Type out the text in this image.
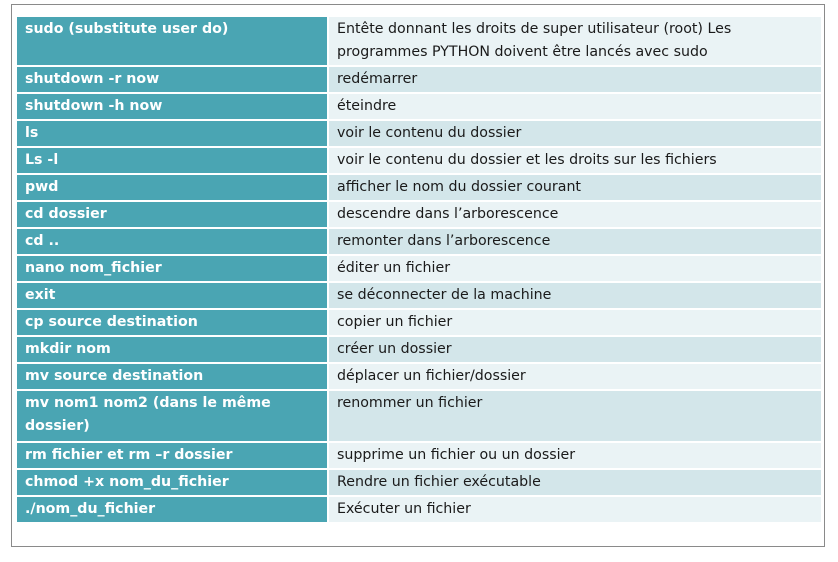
sudo (substitute user do)	Entête donnant les droits de super utilisateur (root) Les programmes PYTHON doivent être lancés avec sudo
shutdown -r now	redémarrer
shutdown -h now	éteindre
ls	voir le contenu du dossier
Ls -l	voir le contenu du dossier et les droits sur les fichiers
pwd	afficher le nom du dossier courant
cd dossier	descendre dans l’arborescence
cd ..	remonter dans l’arborescence
nano nom_fichier	éditer un fichier
exit	se déconnecter de la machine
cp source destination	copier un fichier
mkdir nom	créer un dossier
mv source destination	déplacer un fichier/dossier
mv nom1 nom2 (dans le même dossier)	renommer un fichier
rm fichier et rm –r dossier	supprime un fichier ou un dossier
chmod +x nom_du_fichier	Rendre un fichier exécutable
./nom_du_fichier	Exécuter un fichier
